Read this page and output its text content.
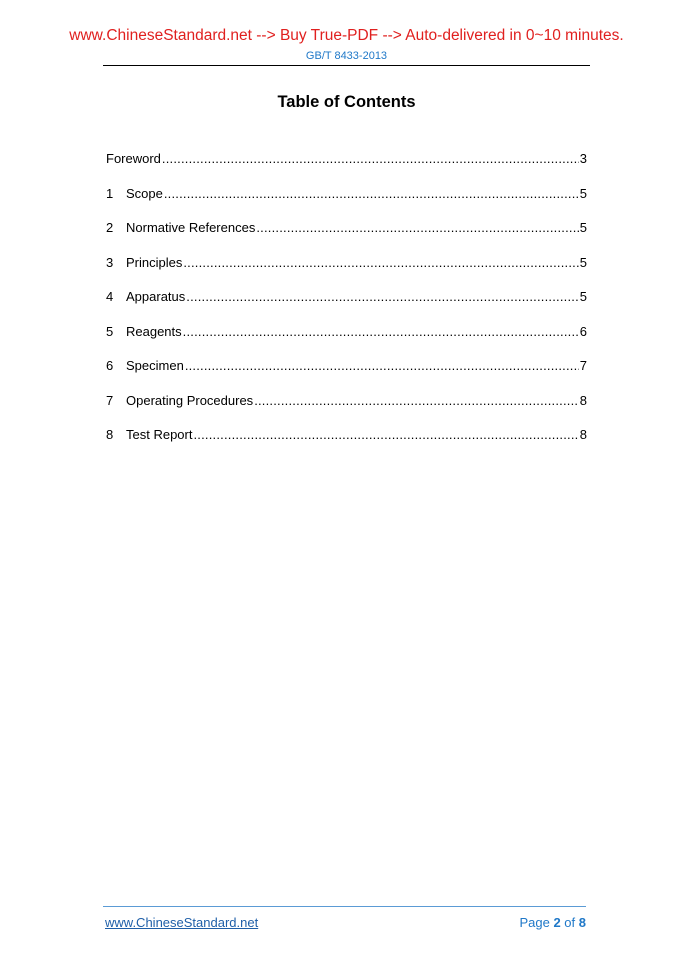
www.ChineseStandard.net --> Buy True-PDF --> Auto-delivered in 0~10 minutes.
GB/T 8433-2013
Table of Contents
Foreword .....	3
1 Scope .....	5
2 Normative References .....	5
3 Principles .....	5
4 Apparatus .....	5
5 Reagents .....	6
6 Specimen .....	7
7 Operating Procedures .....	8
8 Test Report .....	8
www.ChineseStandard.net	Page 2 of 8
